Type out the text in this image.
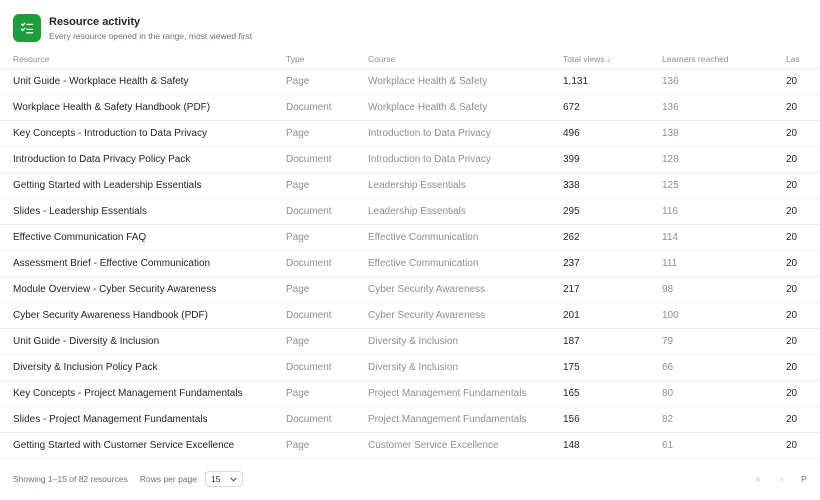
Resource activity
Every resource opened in the range, most viewed first
Resource	Type	Course	Total views ↓	Learners reached	Las
Unit Guide - Workplace Health & Safety	Page	Workplace Health & Safety	1,131	136	20
Workplace Health & Safety Handbook (PDF)	Document	Workplace Health & Safety	672	136	20
Key Concepts - Introduction to Data Privacy	Page	Introduction to Data Privacy	496	138	20
Introduction to Data Privacy Policy Pack	Document	Introduction to Data Privacy	399	128	20
Getting Started with Leadership Essentials	Page	Leadership Essentials	338	125	20
Slides - Leadership Essentials	Document	Leadership Essentials	295	116	20
Effective Communication FAQ	Page	Effective Communication	262	114	20
Assessment Brief - Effective Communication	Document	Effective Communication	237	111	20
Module Overview - Cyber Security Awareness	Page	Cyber Security Awareness	217	98	20
Cyber Security Awareness Handbook (PDF)	Document	Cyber Security Awareness	201	100	20
Unit Guide - Diversity & Inclusion	Page	Diversity & Inclusion	187	79	20
Diversity & Inclusion Policy Pack	Document	Diversity & Inclusion	175	66	20
Key Concepts - Project Management Fundamentals	Page	Project Management Fundamentals	165	80	20
Slides - Project Management Fundamentals	Document	Project Management Fundamentals	156	82	20
Getting Started with Customer Service Excellence	Page	Customer Service Excellence	148	61	20
Showing 1–15 of 82 resources Rows per page 15	«	‹	P
